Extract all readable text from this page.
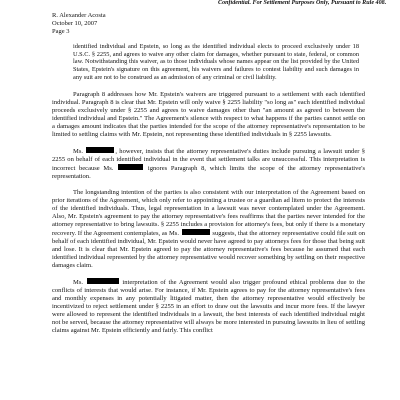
Confidential. For Settlement Purposes Only, Pursuant to Rule 408.
R. Alexander Acosta
October 10, 2007
Page 3
identified individual and Epstein, so long as the identified individual elects to proceed exclusively under 18 U.S.C. § 2255, and agrees to waive any other claim for damages, whether pursuant to state, federal, or common law. Notwithstanding this waiver, as to those individuals whose names appear on the list provided by the United States, Epstein's signature on this agreement, his waivers and failures to contest liability and such damages in any suit are not to be construed as an admission of any criminal or civil liability.

Paragraph 8 addresses how Mr. Epstein's waivers are triggered pursuant to a settlement with each identified individual. Paragraph 8 is clear that Mr. Epstein will only waive § 2255 liability "so long as" each identified individual proceeds exclusively under § 2255 and agrees to waive damages other than "an amount as agreed to between the identified individual and Epstein." The Agreement's silence with respect to what happens if the parties cannot settle on a damages amount indicates that the parties intended for the scope of the attorney representative's representation to be limited to settling claims with Mr. Epstein, not representing these identified individuals in § 2255 lawsuits.

Ms.	, however, insists that the attorney representative's duties include pursuing a lawsuit under § 2255 on behalf of each identified individual in the event that settlement talks are unsuccessful. This interpretation is incorrect because Ms.	ignores Paragraph 8, which limits the scope of the attorney representative's representation.

The longstanding intention of the parties is also consistent with our interpretation of the Agreement based on prior iterations of the Agreement, which only refer to appointing a trustee or a guardian ad litem to protect the interests of the identified individuals. Thus, legal representation in a lawsuit was never contemplated under the Agreement. Also, Mr. Epstein's agreement to pay the attorney representative's fees reaffirms that the parties never intended for the attorney representative to bring lawsuits. § 2255 includes a provision for attorney's fees, but only if there is a monetary recovery. If the Agreement contemplates, as Ms.	suggests, that the attorney representative could file suit on behalf of each identified individual, Mr. Epstein would never have agreed to pay attorneys fees for those that being suit and lose. It is clear that Mr. Epstein agreed to pay the attorney representative's fees because he assumed that each identified individual represented by the attorney representative would recover something by settling on their respective damages claim.

Ms.	interpretation of the Agreement would also trigger profound ethical problems due to the conflicts of interests that would arise. For instance, if Mr. Epstein agrees to pay for the attorney representative's fees and monthly expenses in any potentially litigated matter, then the attorney representative would effectively be incentivized to reject settlement under § 2255 in an effort to draw out the lawsuits and incur more fees. If the lawyer were allowed to represent the identified individuals in a lawsuit, the best interests of each identified individual might not be served, because the attorney representative will always be more interested in pursuing lawsuits in lieu of settling claims against Mr. Epstein efficiently and fairly. This conflict
